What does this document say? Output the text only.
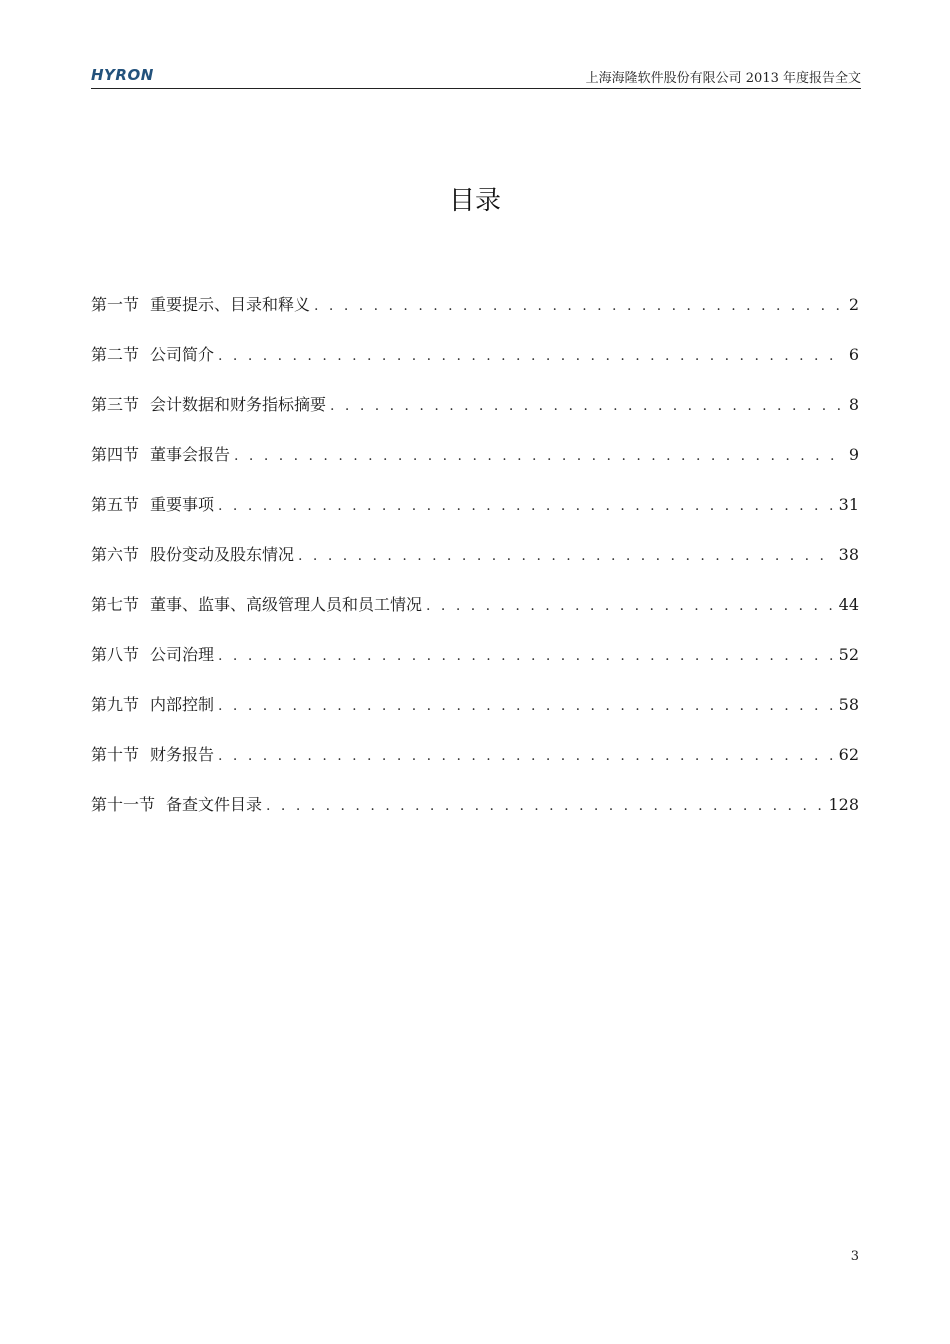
HYRON	上海海隆软件股份有限公司 2013 年度报告全文
目录
第一节 重要提示、目录和释义 . . .	2
第二节 公司简介 . . .	6
第三节 会计数据和财务指标摘要 . . .	8
第四节 董事会报告 . . .	9
第五节 重要事项 . . .	31
第六节 股份变动及股东情况 . . .	38
第七节 董事、监事、高级管理人员和员工情况 . . .	44
第八节 公司治理 . . .	52
第九节 内部控制 . . .	58
第十节 财务报告 . . .	62
第十一节 备查文件目录 . . .	128
3
